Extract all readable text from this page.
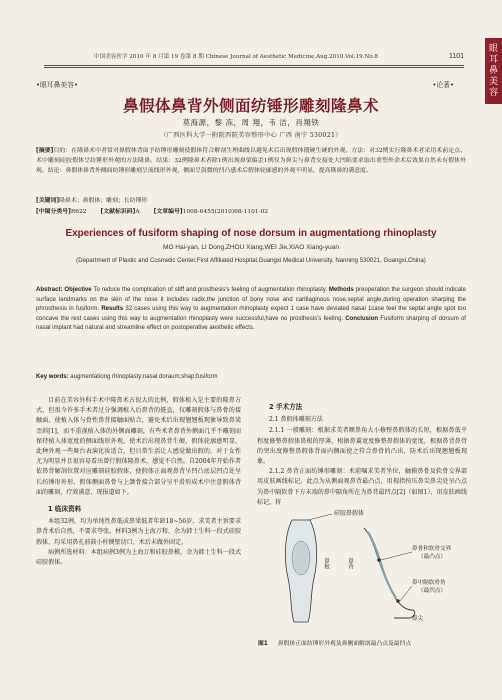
中国美容医学 2010 年 8 月第 19 卷第 8 期 Chinese Journal of Aesthetic Medicine.Aug.2010.Vol.19.No.8	1101
眼
耳
鼻
美
容
•眼耳鼻美容•	•论著•
鼻假体鼻背外侧面纺锤形雕刻隆鼻术
莫海源，黎 冻，周 翔，韦 洁，肖翔铁
（广西医科大学一附院西院美容整形中心 广西 南宁 530021）
[摘要]目的：在隆鼻术中者常对鼻假体背面予纺锤形雕刻使假体符合解剖生理曲线以避免术后出现假体僵硬生硬的外观。方法：对32例实行隆鼻术者采用术前定点、术中雕刻硅胶假体呈纺锤形外观的方法隆鼻。结果：32例隆鼻术者除1例出现鼻梁偏歪1例仅为鼻尖与鼻背交接处大凹陷要求取出重塑外余术后效果自然未有假体外观。结论：鼻假体鼻背外侧面纺锤形雕刻呈流线形外观，侧面呈鼓微的凹凸感术后假体轮廓感的外观不明显，提高隆鼻的满意度。
[关键词]隆鼻术；鼻假体；雕刻；长纺锤形
[中图分类号]R622 [文献标识码]A [文章编号]1008-6455(2010)08-1101-02
Experiences of fusiform shaping of nose dorsum in augmentationg rhinoplasty
MO Hai-yan, LI Dong,ZHOU Xiang,WEI Jie,XIAO Xiang-yuan
(Department of Plastic and Cosmetic Center,First Affiliated Hospital,Guangxi Medical University, Nanning 530021, Guangxi,China)
Abstract: Objective To reduce the complication of stiff and prosthesis's feeling of augmentation rhinoplasty. Methods preoperation the surgeon should indicate surface landmarks on the skin of the nose it includes radix,the junction of bony nose and cartilaginous nose,septal angle,during operation sharping the phrosthesis in fusiform. Results 32 cases using this way to augmentation rhinoplasty expect 1 case have deviated nasal 1case feel the septal angle spot too concave the rest cases using this way to augmentation rhinoplasty were successful,have no prosthesis's feeling. Conclusion Fusiform sharping of dorsum of nasal implant had natural and streamline effect on postoperative aesthetic effects.
Key words: augmentationg rhinoplasty;nasal doraum;shap;fusiform

目前在美容外科手术中隆鼻术占很大的比例，假体植入是主要的隆鼻方式，但很今许多手术者过分强调植入后鼻背的挺直，仅雕刻假体与鼻骨的接触面，使植入体与骨性鼻背接触面贴合，避免术后出现翘翘板现象导致鼻梁歪斜[1]，而不重视植入体的外侧面雕刻，有些术者鼻背外侧面几乎不雕刻而保持植入体宽度的侧面线形外观，使术后出现鼻背生硬，假体轮廓感明显，此种外观一些舞台表演化妆适合，但日常生活让人感觉做出假的。对于女性尤为明显并且很容易看出曾行假体隆鼻术，感觉不自然。自2004年开始作者依鼻背解剖位置对应雕刻硅胶假体，使假体正面观鼻背呈凹凸底层凹点处呈长纺锤形外形，假体侧面鼻骨与上颌骨接合部分呈平滑形成术中注意假体背面的雕刻，疗效满意，现报道如下。

1 临床资料

本组32例，均为单纯性鼻低或鼻梁低者年龄18~56岁，求美者主诉要求鼻背术后自然，不要求夸张。材料3例为上海万和、余为韩士生科一段式硅胶假体，均采用鼻孔前鼓小柱侧壁切口，术后未做外固定。

病例所选材料：本组病例3例为上海万和硅胶鼻模，余为韩士生科一段式硅胶假体。

2 手术方法

2.1 鼻假体雕刻方法

2.1.1 一般雕刻：根据求美者额鼻角大小修整鼻假体的长短，根据鼻低平程度修整鼻假体鼻根的厚薄，根据鼻翼宽度修整鼻假体的宽度，根据鼻背鼻骨的突出度修整鼻假体背面内侧面使之符合鼻骨的凸出，防术后出现翘翘板现象。

2.1.2 鼻背正面纺锤形雕刻：术前嘱求美者坐位，触摸鼻骨及软骨交界部用皮肤画线标记，此点为从侧面观鼻背最凸点，用拇指按压鼻尖鼻尖处呈凸点为鼻中隔软骨下方末端的鼻中隔角所在为鼻背最凹点[2]（如图1），用皮肤画线标记，将

硅胶鼻假体
鼻根	鼻背
鼻骨和软骨交界
（最凸点）
鼻中隔软骨角
（最凹点）
鼻尖
图1 鼻假体正面纺锤形外观及鼻侧面解剖最凸点及最凹点
